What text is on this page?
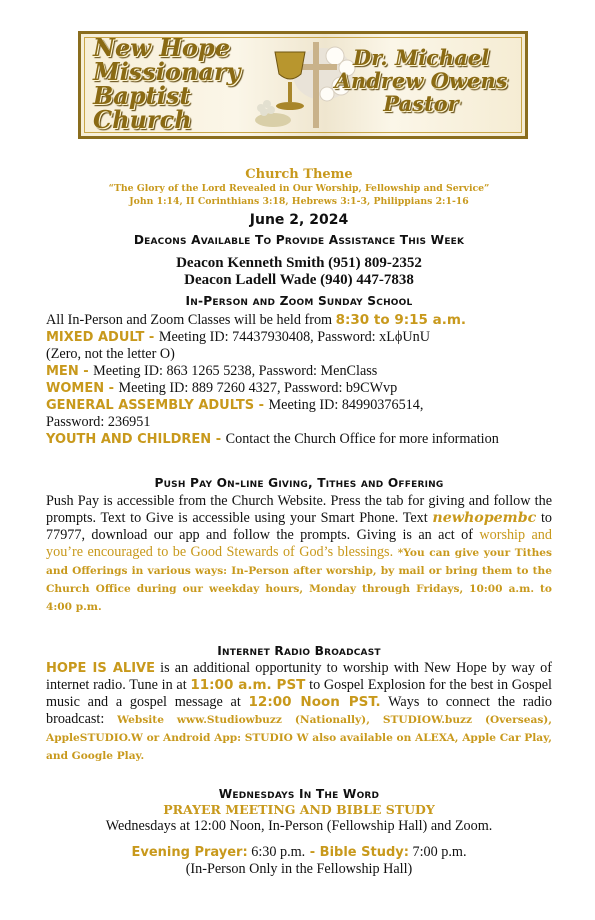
New Hope
Missionary
Baptist
Church
Dr. Michael
Andrew Owens
Pastor
Church Theme
“The Glory of the Lord Revealed in Our Worship, Fellowship and Service”
John 1:14, II Corinthians 3:18, Hebrews 3:1-3, Philippians 2:1-16
June 2, 2024
Deacons Available To Provide Assistance This Week
Deacon Kenneth Smith (951) 809-2352
Deacon Ladell Wade (940) 447-7838
In-Person and Zoom Sunday School
All In-Person and Zoom Classes will be held from 8:30 to 9:15 a.m.
MIXED ADULT - Meeting ID: 74437930408, Password: xLϕUnU
(Zero, not the letter O)
MEN - Meeting ID: 863 1265 5238, Password: MenClass
WOMEN - Meeting ID: 889 7260 4327, Password: b9CWvp
GENERAL ASSEMBLY ADULTS - Meeting ID: 84990376514,
Password: 236951
YOUTH AND CHILDREN - Contact the Church Office for more information
Push Pay On-line Giving, Tithes and Offering
Push Pay is accessible from the Church Website. Press the tab for giving and follow the prompts. Text to Give is accessible using your Smart Phone. Text newhopembc to 77977, download our app and follow the prompts. Giving is an act of worship and you’re encouraged to be Good Stewards of God’s blessings. *You can give your Tithes and Offerings in various ways: In-Person after worship, by mail or bring them to the Church Office during our weekday hours, Monday through Fridays, 10:00 a.m. to 4:00 p.m.
Internet Radio Broadcast
HOPE IS ALIVE is an additional opportunity to worship with New Hope by way of internet radio. Tune in at 11:00 a.m. PST to Gospel Explosion for the best in Gospel music and a gospel message at 12:00 Noon PST. Ways to connect the radio broadcast: Website www.Studiowbuzz (Nationally), STUDIOW.buzz (Overseas), AppleSTUDIO.W or Android App: STUDIO W also available on ALEXA, Apple Car Play, and Google Play.
Wednesdays In The Word
PRAYER MEETING AND BIBLE STUDY
Wednesdays at 12:00 Noon, In-Person (Fellowship Hall) and Zoom.
Evening Prayer: 6:30 p.m. - Bible Study: 7:00 p.m.
(In-Person Only in the Fellowship Hall)
